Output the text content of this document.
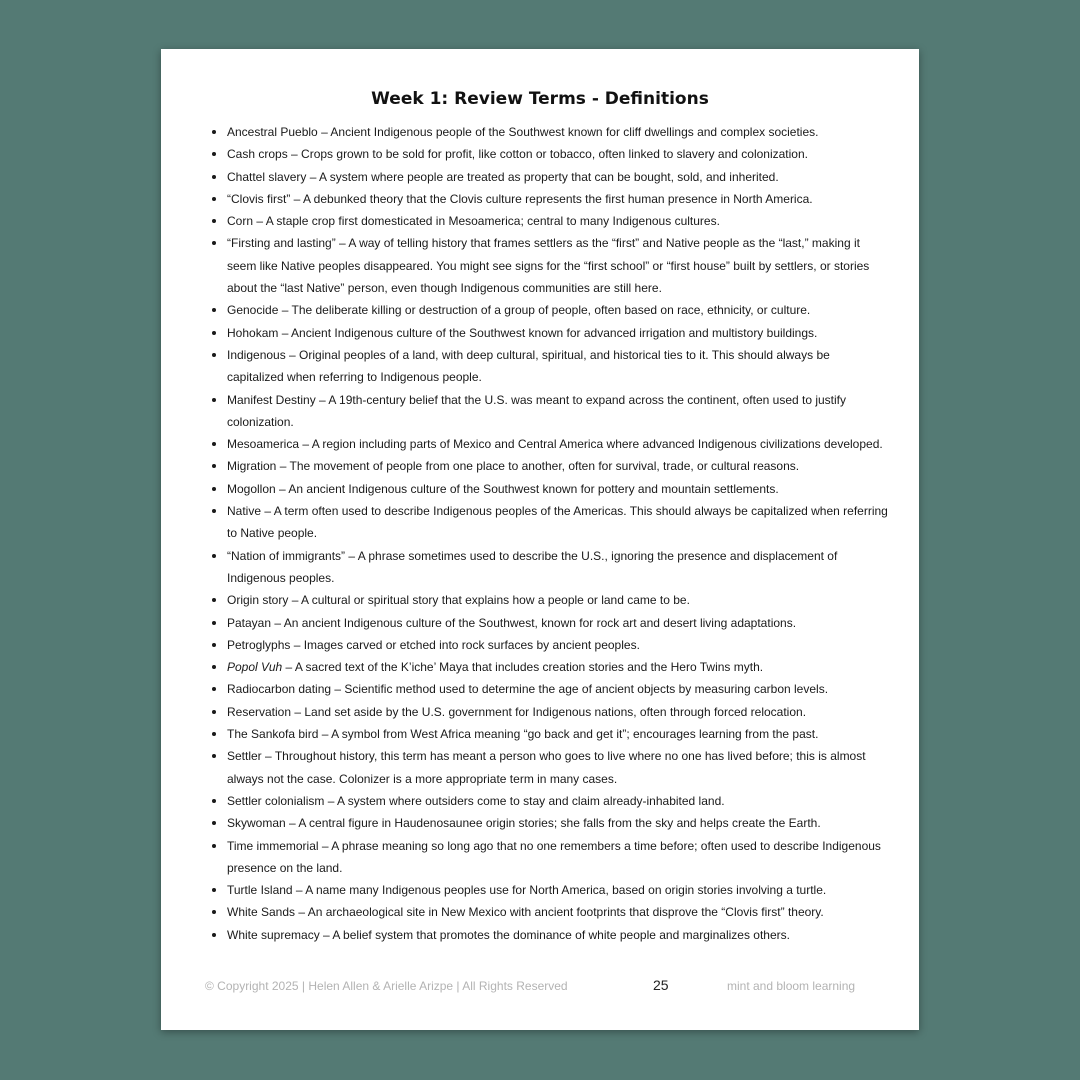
Week 1: Review Terms - Definitions
Ancestral Pueblo – Ancient Indigenous people of the Southwest known for cliff dwellings and complex societies.
Cash crops – Crops grown to be sold for profit, like cotton or tobacco, often linked to slavery and colonization.
Chattel slavery – A system where people are treated as property that can be bought, sold, and inherited.
“Clovis first” – A debunked theory that the Clovis culture represents the first human presence in North America.
Corn – A staple crop first domesticated in Mesoamerica; central to many Indigenous cultures.
“Firsting and lasting” – A way of telling history that frames settlers as the “first” and Native people as the “last,” making it seem like Native peoples disappeared. You might see signs for the “first school” or “first house” built by settlers, or stories about the “last Native” person, even though Indigenous communities are still here.
Genocide – The deliberate killing or destruction of a group of people, often based on race, ethnicity, or culture.
Hohokam – Ancient Indigenous culture of the Southwest known for advanced irrigation and multistory buildings.
Indigenous – Original peoples of a land, with deep cultural, spiritual, and historical ties to it. This should always be capitalized when referring to Indigenous people.
Manifest Destiny – A 19th-century belief that the U.S. was meant to expand across the continent, often used to justify colonization.
Mesoamerica – A region including parts of Mexico and Central America where advanced Indigenous civilizations developed.
Migration – The movement of people from one place to another, often for survival, trade, or cultural reasons.
Mogollon – An ancient Indigenous culture of the Southwest known for pottery and mountain settlements.
Native – A term often used to describe Indigenous peoples of the Americas. This should always be capitalized when referring to Native people.
“Nation of immigrants” – A phrase sometimes used to describe the U.S., ignoring the presence and displacement of Indigenous peoples.
Origin story – A cultural or spiritual story that explains how a people or land came to be.
Patayan – An ancient Indigenous culture of the Southwest, known for rock art and desert living adaptations.
Petroglyphs – Images carved or etched into rock surfaces by ancient peoples.
Popol Vuh – A sacred text of the K’iche’ Maya that includes creation stories and the Hero Twins myth.
Radiocarbon dating – Scientific method used to determine the age of ancient objects by measuring carbon levels.
Reservation – Land set aside by the U.S. government for Indigenous nations, often through forced relocation.
The Sankofa bird – A symbol from West Africa meaning “go back and get it”; encourages learning from the past.
Settler – Throughout history, this term has meant a person who goes to live where no one has lived before; this is almost always not the case. Colonizer is a more appropriate term in many cases.
Settler colonialism – A system where outsiders come to stay and claim already-inhabited land.
Skywoman – A central figure in Haudenosaunee origin stories; she falls from the sky and helps create the Earth.
Time immemorial – A phrase meaning so long ago that no one remembers a time before; often used to describe Indigenous presence on the land.
Turtle Island – A name many Indigenous peoples use for North America, based on origin stories involving a turtle.
White Sands – An archaeological site in New Mexico with ancient footprints that disprove the “Clovis first” theory.
White supremacy – A belief system that promotes the dominance of white people and marginalizes others.
© Copyright 2025 | Helen Allen & Arielle Arizpe | All Rights Reserved	25	mint and bloom learning
